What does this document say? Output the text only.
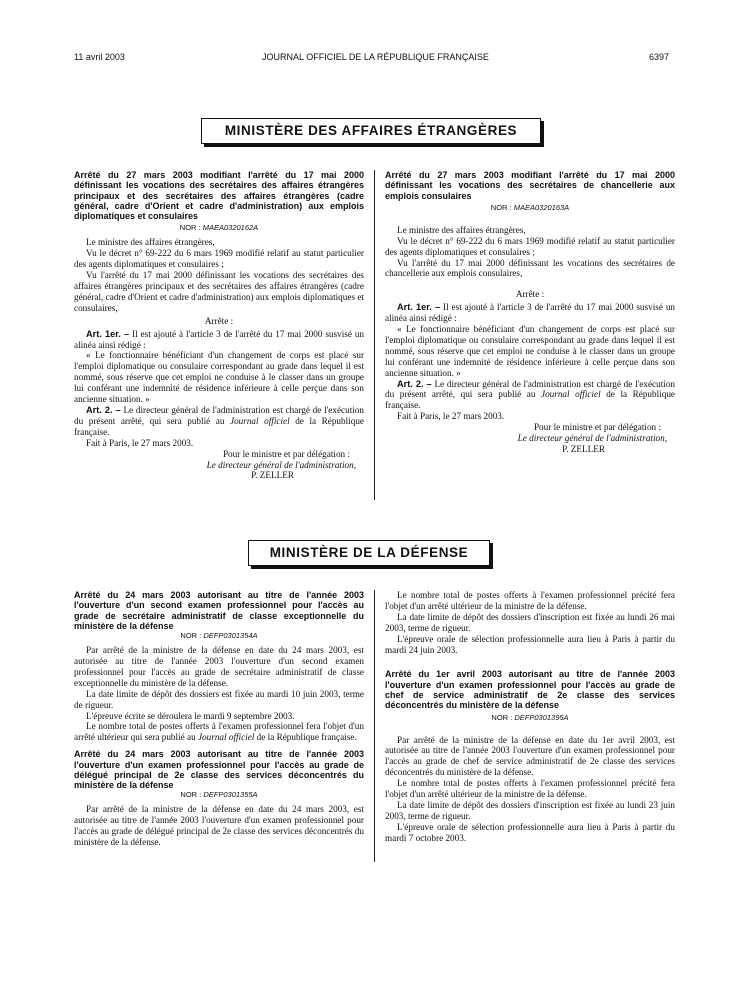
11 avril 2003	JOURNAL OFFICIEL DE LA RÉPUBLIQUE FRANÇAISE	6397
MINISTÈRE DES AFFAIRES ÉTRANGÈRES

Arrêté du 27 mars 2003 modifiant l'arrêté du 17 mai 2000 définissant les vocations des secrétaires des affaires étrangères principaux et des secrétaires des affaires étrangères (cadre général, cadre d'Orient et cadre d'administration) aux emplois diplomatiques et consulaires

NOR : MAEA0320162A

Le ministre des affaires étrangères,

Vu le décret n° 69-222 du 6 mars 1969 modifié relatif au statut particulier des agents diplomatiques et consulaires ;

Vu l'arrêté du 17 mai 2000 définissant les vocations des secrétaires des affaires étrangères principaux et des secrétaires des affaires étrangères (cadre général, cadre d'Orient et cadre d'administration) aux emplois diplomatiques et consulaires,

Arrête :

Art. 1er. – Il est ajouté à l'article 3 de l'arrêté du 17 mai 2000 susvisé un alinéa ainsi rédigé :

« Le fonctionnaire bénéficiant d'un changement de corps est placé sur l'emploi diplomatique ou consulaire correspondant au grade dans lequel il est nommé, sous réserve que cet emploi ne conduise à le classer dans un groupe lui conférant une indemnité de résidence inférieure à celle perçue dans son ancienne situation. »

Art. 2. – Le directeur général de l'administration est chargé de l'exécution du présent arrêté, qui sera publié au Journal officiel de la République française.

Fait à Paris, le 27 mars 2003.

Pour le ministre et par délégation :

Le directeur général de l'administration,

P. ZELLER

Arrêté du 27 mars 2003 modifiant l'arrêté du 17 mai 2000 définissant les vocations des secrétaires de chancellerie aux emplois consulaires

NOR : MAEA0320163A

Le ministre des affaires étrangères,

Vu le décret n° 69-222 du 6 mars 1969 modifié relatif au statut particulier des agents diplomatiques et consulaires ;

Vu l'arrêté du 17 mai 2000 définissant les vocations des secrétaires de chancellerie aux emplois consulaires,

Arrête :

Art. 1er. – Il est ajouté à l'article 3 de l'arrêté du 17 mai 2000 susvisé un alinéa ainsi rédigé :

« Le fonctionnaire bénéficiant d'un changement de corps est placé sur l'emploi diplomatique ou consulaire correspondant au grade dans lequel il est nommé, sous réserve que cet emploi ne conduise à le classer dans un groupe lui conférant une indemnité de résidence inférieure à celle perçue dans son ancienne situation. »

Art. 2. – Le directeur général de l'administration est chargé de l'exécution du présent arrêté, qui sera publié au Journal officiel de la République française.

Fait à Paris, le 27 mars 2003.

Pour le ministre et par délégation :

Le directeur général de l'administration,

P. ZELLER

MINISTÈRE DE LA DÉFENSE

Arrêté du 24 mars 2003 autorisant au titre de l'année 2003 l'ouverture d'un second examen professionnel pour l'accès au grade de secrétaire administratif de classe exceptionnelle du ministère de la défense

NOR : DEFP0301354A

Par arrêté de la ministre de la défense en date du 24 mars 2003, est autorisée au titre de l'année 2003 l'ouverture d'un second examen professionnel pour l'accès au grade de secrétaire administratif de classe exceptionnelle du ministère de la défense.

La date limite de dépôt des dossiers est fixée au mardi 10 juin 2003, terme de rigueur.

L'épreuve écrite se déroulera le mardi 9 septembre 2003.

Le nombre total de postes offerts à l'examen professionnel fera l'objet d'un arrêté ultérieur qui sera publié au Journal officiel de la République française.

Arrêté du 24 mars 2003 autorisant au titre de l'année 2003 l'ouverture d'un examen professionnel pour l'accès au grade de délégué principal de 2e classe des services déconcentrés du ministère de la défense

NOR : DEFP0301355A

Par arrêté de la ministre de la défense en date du 24 mars 2003, est autorisée au titre de l'année 2003 l'ouverture d'un examen professionnel pour l'accès au grade de délégué principal de 2e classe des services déconcentrés du ministère de la défense.

Le nombre total de postes offerts à l'examen professionnel précité fera l'objet d'un arrêté ultérieur de la ministre de la défense.

La date limite de dépôt des dossiers d'inscription est fixée au lundi 26 mai 2003, terme de rigueur.

L'épreuve orale de sélection professionnelle aura lieu à Paris à partir du mardi 24 juin 2003.

Arrêté du 1er avril 2003 autorisant au titre de l'année 2003 l'ouverture d'un examen professionnel pour l'accès au grade de chef de service administratif de 2e classe des services déconcentrés du ministère de la défense

NOR : DEFP0301395A

Par arrêté de la ministre de la défense en date du 1er avril 2003, est autorisée au titre de l'année 2003 l'ouverture d'un examen professionnel pour l'accès au grade de chef de service administratif de 2e classe des services déconcentrés du ministère de la défense.

Le nombre total de postes offerts à l'examen professionnel précité fera l'objet d'un arrêté ultérieur de la ministre de la défense.

La date limite de dépôt des dossiers d'inscription est fixée au lundi 23 juin 2003, terme de rigueur.

L'épreuve orale de sélection professionnelle aura lieu à Paris à partir du mardi 7 octobre 2003.
